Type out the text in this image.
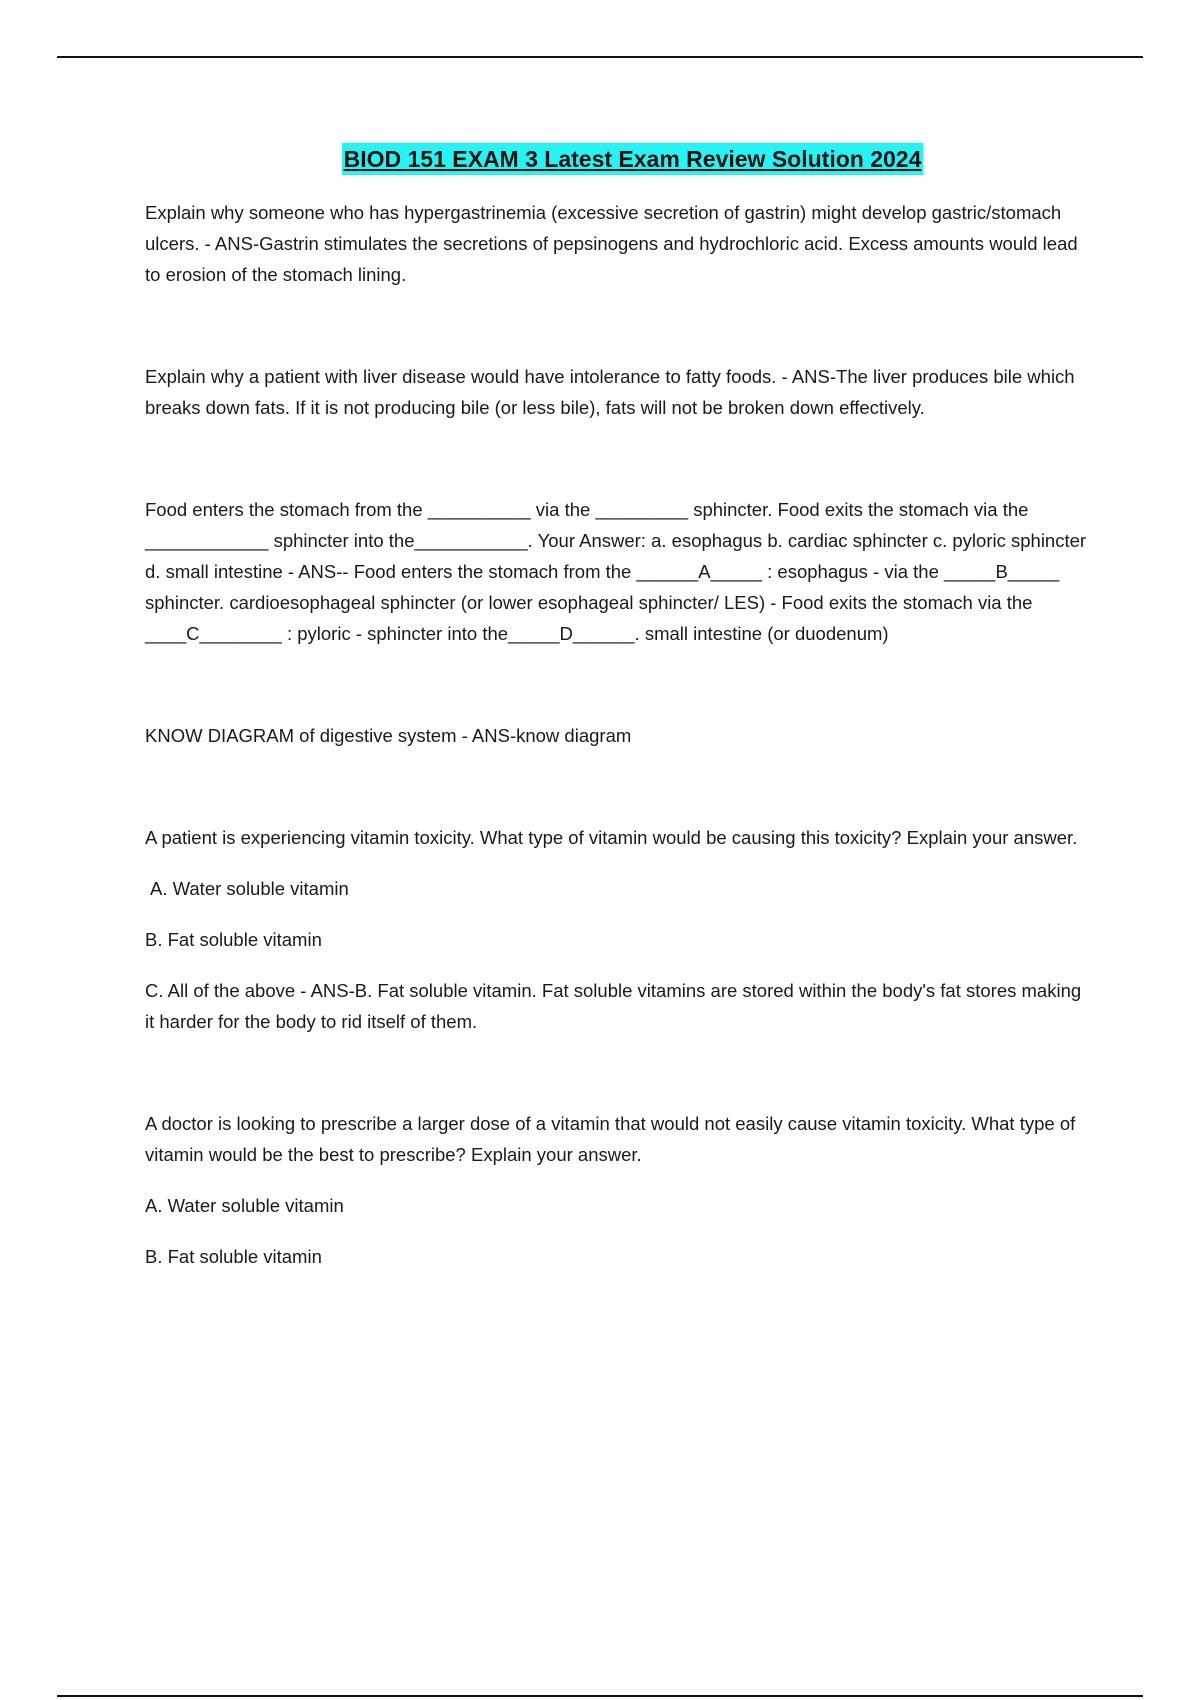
BIOD 151 EXAM 3 Latest Exam Review Solution 2024

Explain why someone who has hypergastrinemia (excessive secretion of gastrin) might develop gastric/stomach ulcers. - ANS-Gastrin stimulates the secretions of pepsinogens and hydrochloric acid. Excess amounts would lead to erosion of the stomach lining.

Explain why a patient with liver disease would have intolerance to fatty foods. - ANS-The liver produces bile which breaks down fats. If it is not producing bile (or less bile), fats will not be broken down effectively.

Food enters the stomach from the __________ via the _________ sphincter. Food exits the stomach via the ____________ sphincter into the___________. Your Answer: a. esophagus b. cardiac sphincter c. pyloric sphincter d. small intestine - ANS-- Food enters the stomach from the ______A_____ : esophagus - via the _____B_____ sphincter. cardioesophageal sphincter (or lower esophageal sphincter/ LES) - Food exits the stomach via the ____C________ : pyloric - sphincter into the_____D______. small intestine (or duodenum)

KNOW DIAGRAM of digestive system - ANS-know diagram

A patient is experiencing vitamin toxicity. What type of vitamin would be causing this toxicity? Explain your answer.

A. Water soluble vitamin

B. Fat soluble vitamin

C. All of the above - ANS-B. Fat soluble vitamin. Fat soluble vitamins are stored within the body's fat stores making it harder for the body to rid itself of them.

A doctor is looking to prescribe a larger dose of a vitamin that would not easily cause vitamin toxicity. What type of vitamin would be the best to prescribe? Explain your answer.

A. Water soluble vitamin

B. Fat soluble vitamin
